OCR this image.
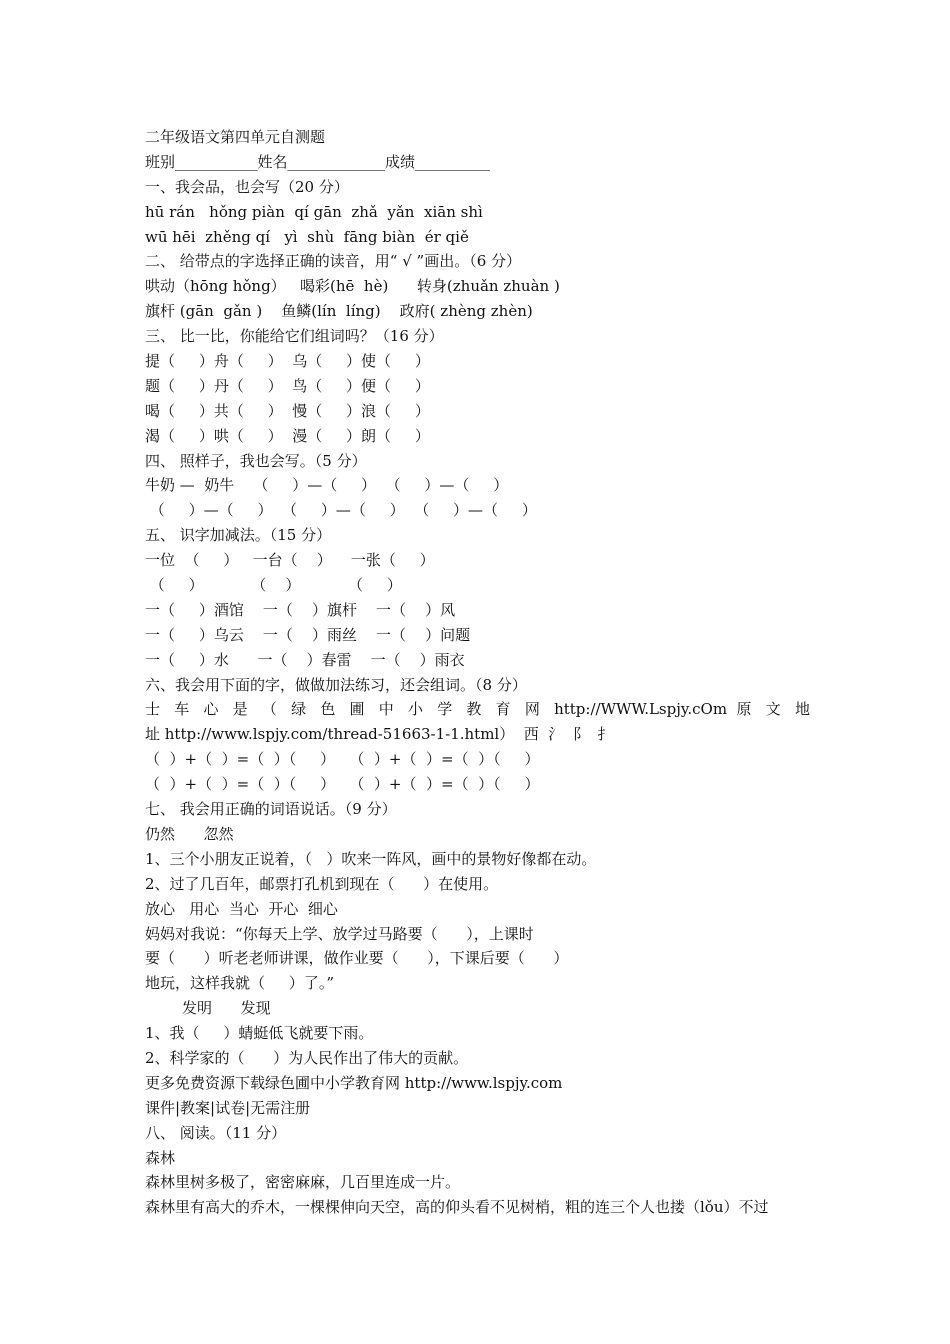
二年级语文第四单元自测题
班别___________姓名_____________成绩__________
一、我会品，也会写（20 分）
hū rán   hǒng piàn  qí gān  zhǎ  yǎn  xiān shì
wū hēi  zhěng qí   yì  shù  fāng biàn  ér qiě
二、 给带点的字选择正确的读音，用“ √ ”画出。（6 分）
哄动（hōng hǒng）   喝彩(hē  hè)      转身(zhuǎn zhuàn )
旗杆 (gān  gǎn )    鱼鳞(lín  líng)    政府( zhèng zhèn)
三、 比一比，你能给它们组词吗？（16 分）
提（     ）舟（     ）  乌（     ）使（     ）
题（     ）丹（     ）  鸟（     ）便（     ）
喝（     ）共（     ）  慢（     ）浪（     ）
渴（     ）哄（     ）  漫（     ）朗（     ）
四、 照样子，我也会写。（5 分）
牛奶 —  奶牛    （     ）—（     ）  （     ）—（     ）
（     ）—（     ）  （     ）—（     ）  （     ）—（     ）
五、 识字加减法。（15 分）
一位  （     ）   一台（    ）    一张（     ）
（     ）          （    ）          （     ）
一（     ）酒馆    一（    ）旗杆    一（    ）风
一（     ）乌云    一（    ）雨丝    一（    ）问题
一（     ）水      一（    ）春雷    一（    ）雨衣
六、我会用下面的字，做做加法练习，还会组词。（8 分）
士 车 心 是 （ 绿 色 圃 中 小 学 教 育 网 http://WWW.Lspjy.cOm 原 文 地
址 http://www.lspjy.com/thread-51663-1-1.html）  西  氵  阝  扌
（  ）+（  ）=（  ）（     ）   （  ）+（  ）=（  ）（     ）
（  ）+（  ）=（  ）（     ）   （  ）+（  ）=（  ）（     ）
七、 我会用正确的词语说话。（9 分）
仍然      忽然
1、三个小朋友正说着，（   ）吹来一阵风，画中的景物好像都在动。
2、过了几百年，邮票打孔机到现在（      ）在使用。
放心   用心  当心  开心  细心
妈妈对我说：“你每天上学、放学过马路要（      ），上课时
要（      ）听老老师讲课，做作业要（      ），下课后要（      ）
地玩，这样我就（     ）了。”
发明      发现
1、我（     ）蜻蜓低飞就要下雨。
2、科学家的（      ）为人民作出了伟大的贡献。
更多免费资源下载绿色圃中小学教育网 http://www.lspjy.com
课件|教案|试卷|无需注册
八、 阅读。（11 分）
森林
森林里树多极了，密密麻麻，几百里连成一片。
森林里有高大的乔木，一棵棵伸向天空，高的仰头看不见树梢，粗的连三个人也搂（lǒu）不过
